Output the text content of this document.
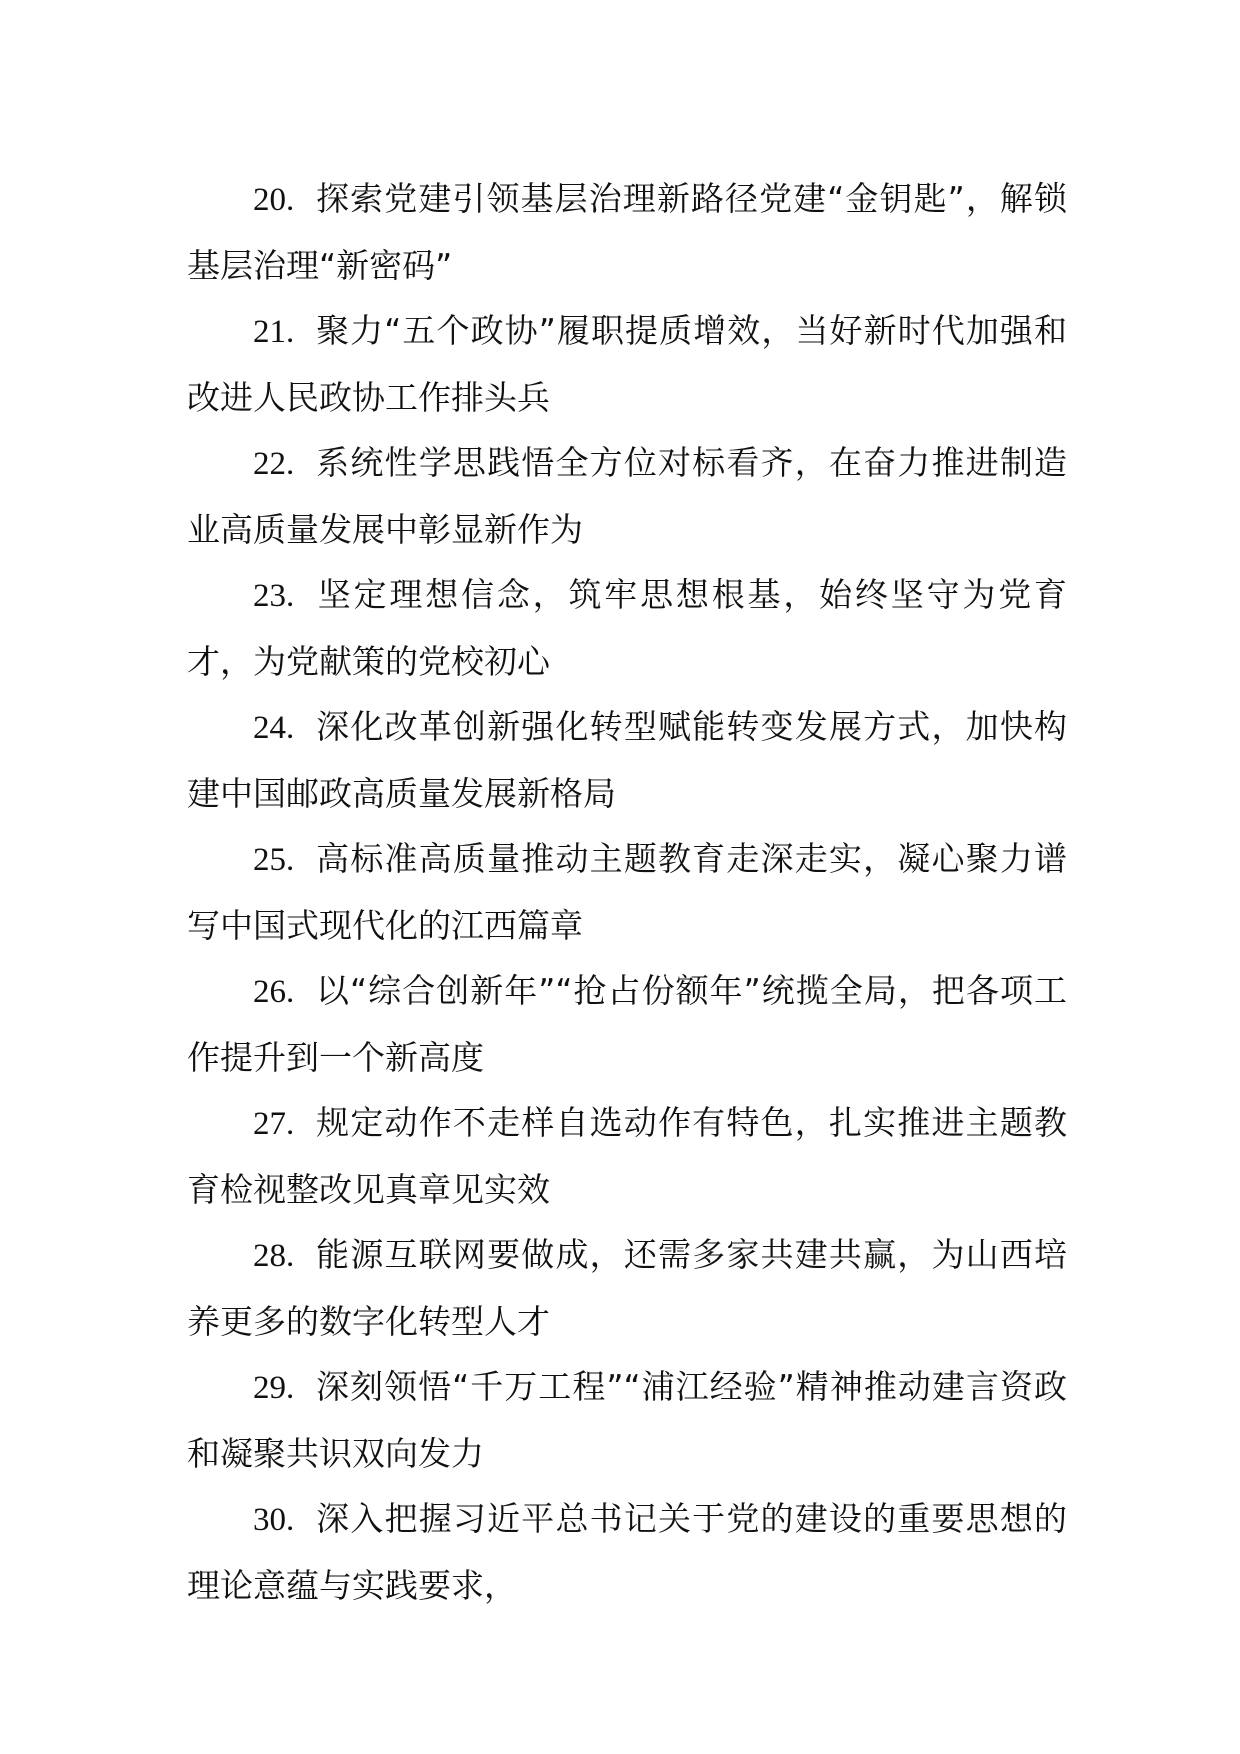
20. 探索党建引领基层治理新路径党建“金钥匙”，解锁基层治理“新密码”

21. 聚力“五个政协”履职提质增效，当好新时代加强和改进人民政协工作排头兵

22. 系统性学思践悟全方位对标看齐，在奋力推进制造业高质量发展中彰显新作为

23. 坚定理想信念，筑牢思想根基，始终坚守为党育才，为党献策的党校初心

24. 深化改革创新强化转型赋能转变发展方式，加快构建中国邮政高质量发展新格局

25. 高标准高质量推动主题教育走深走实，凝心聚力谱写中国式现代化的江西篇章

26. 以“综合创新年”“抢占份额年”统揽全局，把各项工作提升到一个新高度

27. 规定动作不走样自选动作有特色，扎实推进主题教育检视整改见真章见实效

28. 能源互联网要做成，还需多家共建共赢，为山西培养更多的数字化转型人才

29. 深刻领悟“千万工程”“浦江经验”精神推动建言资政和凝聚共识双向发力

30. 深入把握习近平总书记关于党的建设的重要思想的理论意蕴与实践要求，
